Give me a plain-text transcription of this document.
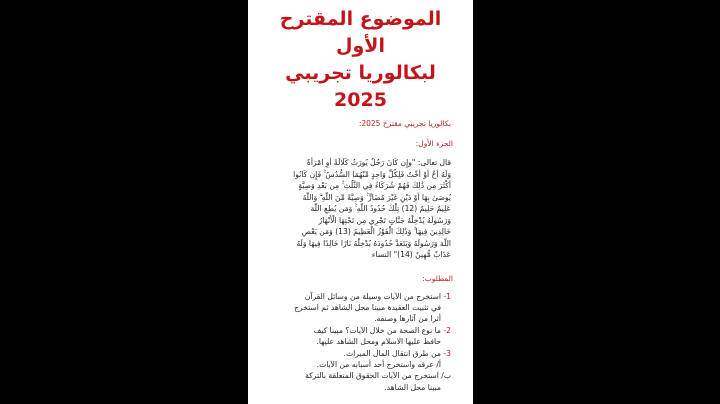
الموضوع المقترح الأول
لبكالوريا تجريبي 2025
بكالوريا تجريبي مقترح 2025:
الجزء الأول:
قال تعالى: "وإِن كَانَ رَجُلٌ يُورَثُ كَلَالَةً أَوِ امْرَأَةٌ
وَلَهُ أَخٌ أَوْ أُخْتٌ فَلِكُلِّ وَاحِدٍ مِّنْهُمَا السُّدُسُ ۚ فَإِن كَانُوا
أَكْثَرَ مِن ذَٰلِكَ فَهُمْ شُرَكَاءُ فِي الثُّلُثِ ۚ مِن بَعْدِ وَصِيَّةٍ
يُوصَىٰ بِهَا أَوْ دَيْنٍ غَيْرَ مُضَارٍّ ۚ وَصِيَّةً مِّنَ اللَّهِ ۗ وَاللَّهُ
عَلِيمٌ حَلِيمٌ (12) تِلْكَ حُدُودُ اللَّهِ ۚ وَمَن يُطِعِ اللَّهَ
وَرَسُولَهُ يُدْخِلْهُ جَنَّاتٍ تَجْرِي مِن تَحْتِهَا الْأَنْهَارُ
خَالِدِينَ فِيهَا ۚ وَذَٰلِكَ الْفَوْزُ الْعَظِيمُ (13) وَمَن يَعْصِ
اللَّهَ وَرَسُولَهُ وَيَتَعَدَّ حُدُودَهُ يُدْخِلْهُ نَارًا خَالِدًا فِيهَا وَلَهُ
عَذَابٌ مُّهِينٌ (14)" النساء
المطلوب:
1- استخرج من الآيات وسيلة من وسائل القرآن
في تثبيت العقيدة مبينا محل الشاهد ثم استخرج
أثرا من آثارها وصنفه.
2- ما نوع الصحة من خلال الآيات؟ مبينا كيف
حافظ عليها الاسلام ومحل الشاهد عليها.
3- من طرق انتقال المال الميراث.
أ/ عرفه واستخرج أحد أسبابه من الآيات.
ب/ استخرج من الآيات الحقوق المتعلقة بالتركة
مبينا محل الشاهد.
